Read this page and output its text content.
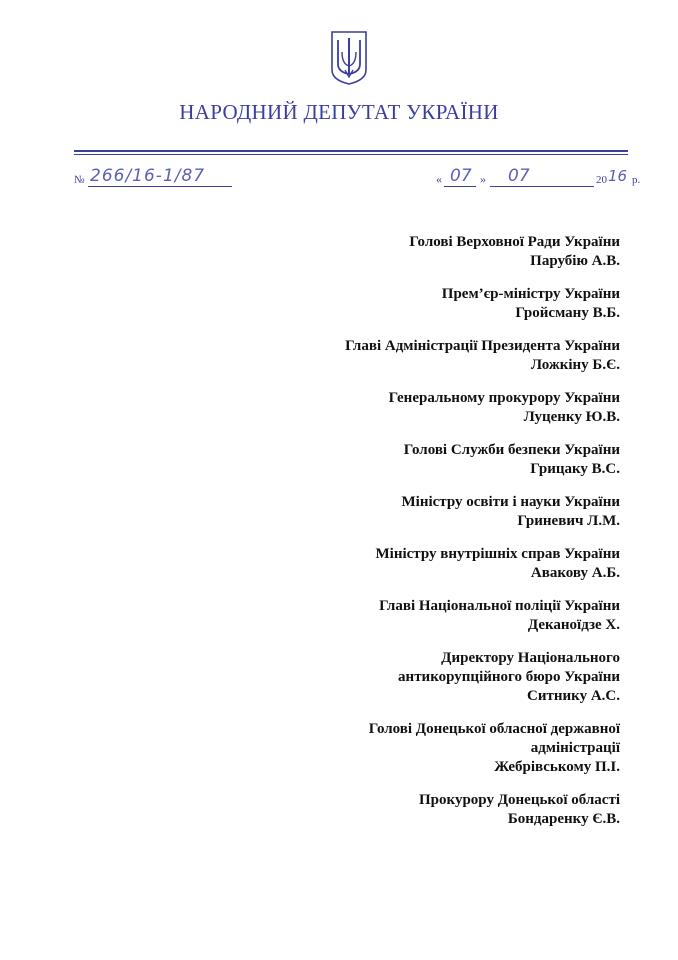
НАРОДНИЙ ДЕПУТАТ УКРАЇНИ
№ 266/16-1/87	« 07 » 07	20 16 р.
Голові Верховної Ради України
Парубію А.В.
Прем’єр-міністру України
Гройсману В.Б.
Главі Адміністрації Президента України
Ложкіну Б.Є.
Генеральному прокурору України
Луценку Ю.В.
Голові Служби безпеки України
Грицаку В.С.
Міністру освіти і науки України
Гриневич Л.М.
Міністру внутрішніх справ України
Авакову А.Б.
Главі Національної поліції України
Деканоїдзе Х.
Директору Національного
антикорупційного бюро України
Ситнику А.С.
Голові Донецької обласної державної
адміністрації
Жебрівському П.І.
Прокурору Донецької області
Бондаренку Є.В.
